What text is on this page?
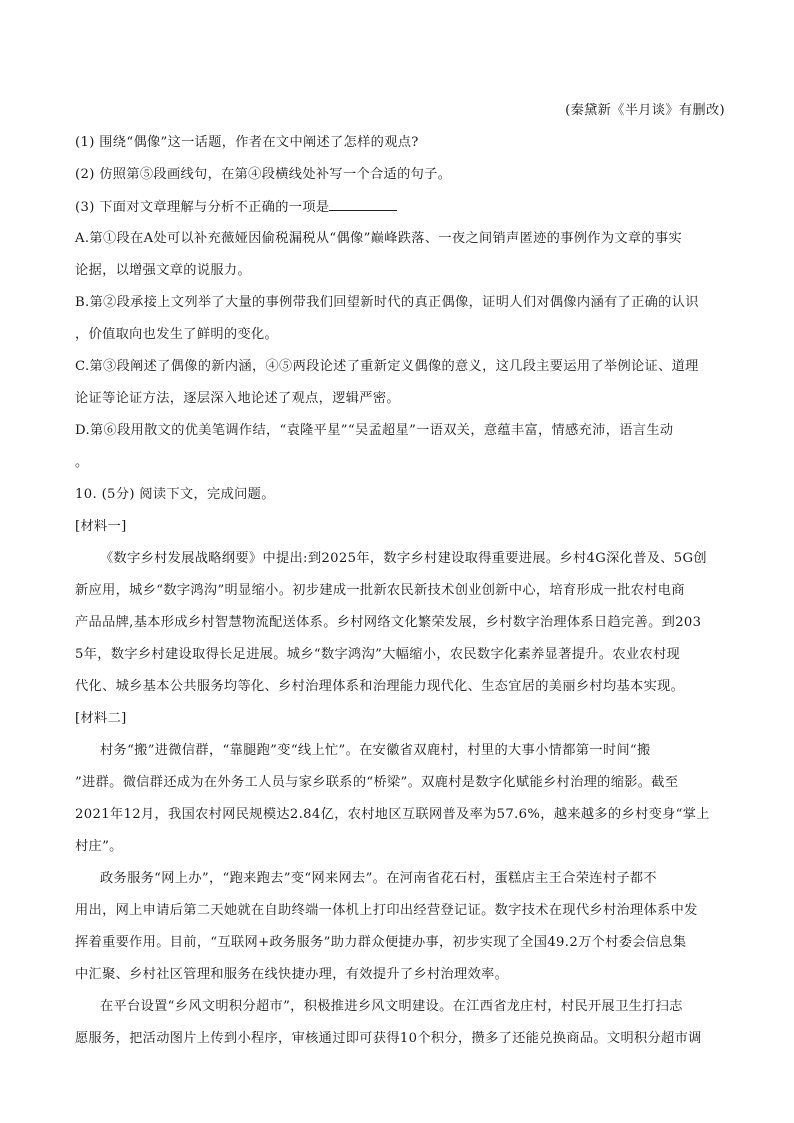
(秦黛新《半月谈》有删改)
(1) 围绕“偶像”这一话题，作者在文中阐述了怎样的观点?
(2) 仿照第⑤段画线句，在第④段横线处补写一个合适的句子。
(3) 下面对文章理解与分析不正确的一项是
A.第①段在A处可以补充薇娅因偷税漏税从“偶像”巅峰跌落、一夜之间销声匿迹的事例作为文章的事实
论据，以增强文章的说服力。
B.第②段承接上文列举了大量的事例带我们回望新时代的真正偶像，证明人们对偶像内涵有了正确的认识
，价值取向也发生了鲜明的变化。
C.第③段阐述了偶像的新内涵，④⑤两段论述了重新定义偶像的意义，这几段主要运用了举例论证、道理
论证等论证方法，逐层深入地论述了观点，逻辑严密。
D.第⑥段用散文的优美笔调作结，“袁隆平星”“吴孟超星”一语双关，意蕴丰富，情感充沛，语言生动
。
10. (5分) 阅读下文，完成问题。
[材料一]
《数字乡村发展战略纲要》中提出:到2025年，数字乡村建设取得重要进展。乡村4G深化普及、5G创
新应用，城乡“数字鸿沟”明显缩小。初步建成一批新农民新技术创业创新中心，培育形成一批农村电商
产品品牌,基本形成乡村智慧物流配送体系。乡村网络文化繁荣发展，乡村数字治理体系日趋完善。到203
5年，数字乡村建设取得长足进展。城乡“数字鸿沟”大幅缩小，农民数字化素养显著提升。农业农村现
代化、城乡基本公共服务均等化、乡村治理体系和治理能力现代化、生态宜居的美丽乡村均基本实现。
[材料二]
村务“搬”进微信群，“靠腿跑”变“线上忙”。在安徽省双鹿村，村里的大事小情都第一时间“搬
”进群。微信群还成为在外务工人员与家乡联系的“桥梁”。双鹿村是数字化赋能乡村治理的缩影。截至
2021年12月，我国农村网民规模达2.84亿，农村地区互联网普及率为57.6%，越来越多的乡村变身“掌上
村庄”。
政务服务“网上办”，“跑来跑去”变“网来网去”。在河南省花石村，蛋糕店主王合荣连村子都不
用出，网上申请后第二天她就在自助终端一体机上打印出经营登记证。数字技术在现代乡村治理体系中发
挥着重要作用。目前，“互联网+政务服务”助力群众便捷办事，初步实现了全国49.2万个村委会信息集
中汇聚、乡村社区管理和服务在线快捷办理，有效提升了乡村治理效率。
在平台设置“乡风文明积分超市”，积极推进乡风文明建设。在江西省龙庄村，村民开展卫生打扫志
愿服务，把活动图片上传到小程序，审核通过即可获得10个积分，攒多了还能兑换商品。文明积分超市调
